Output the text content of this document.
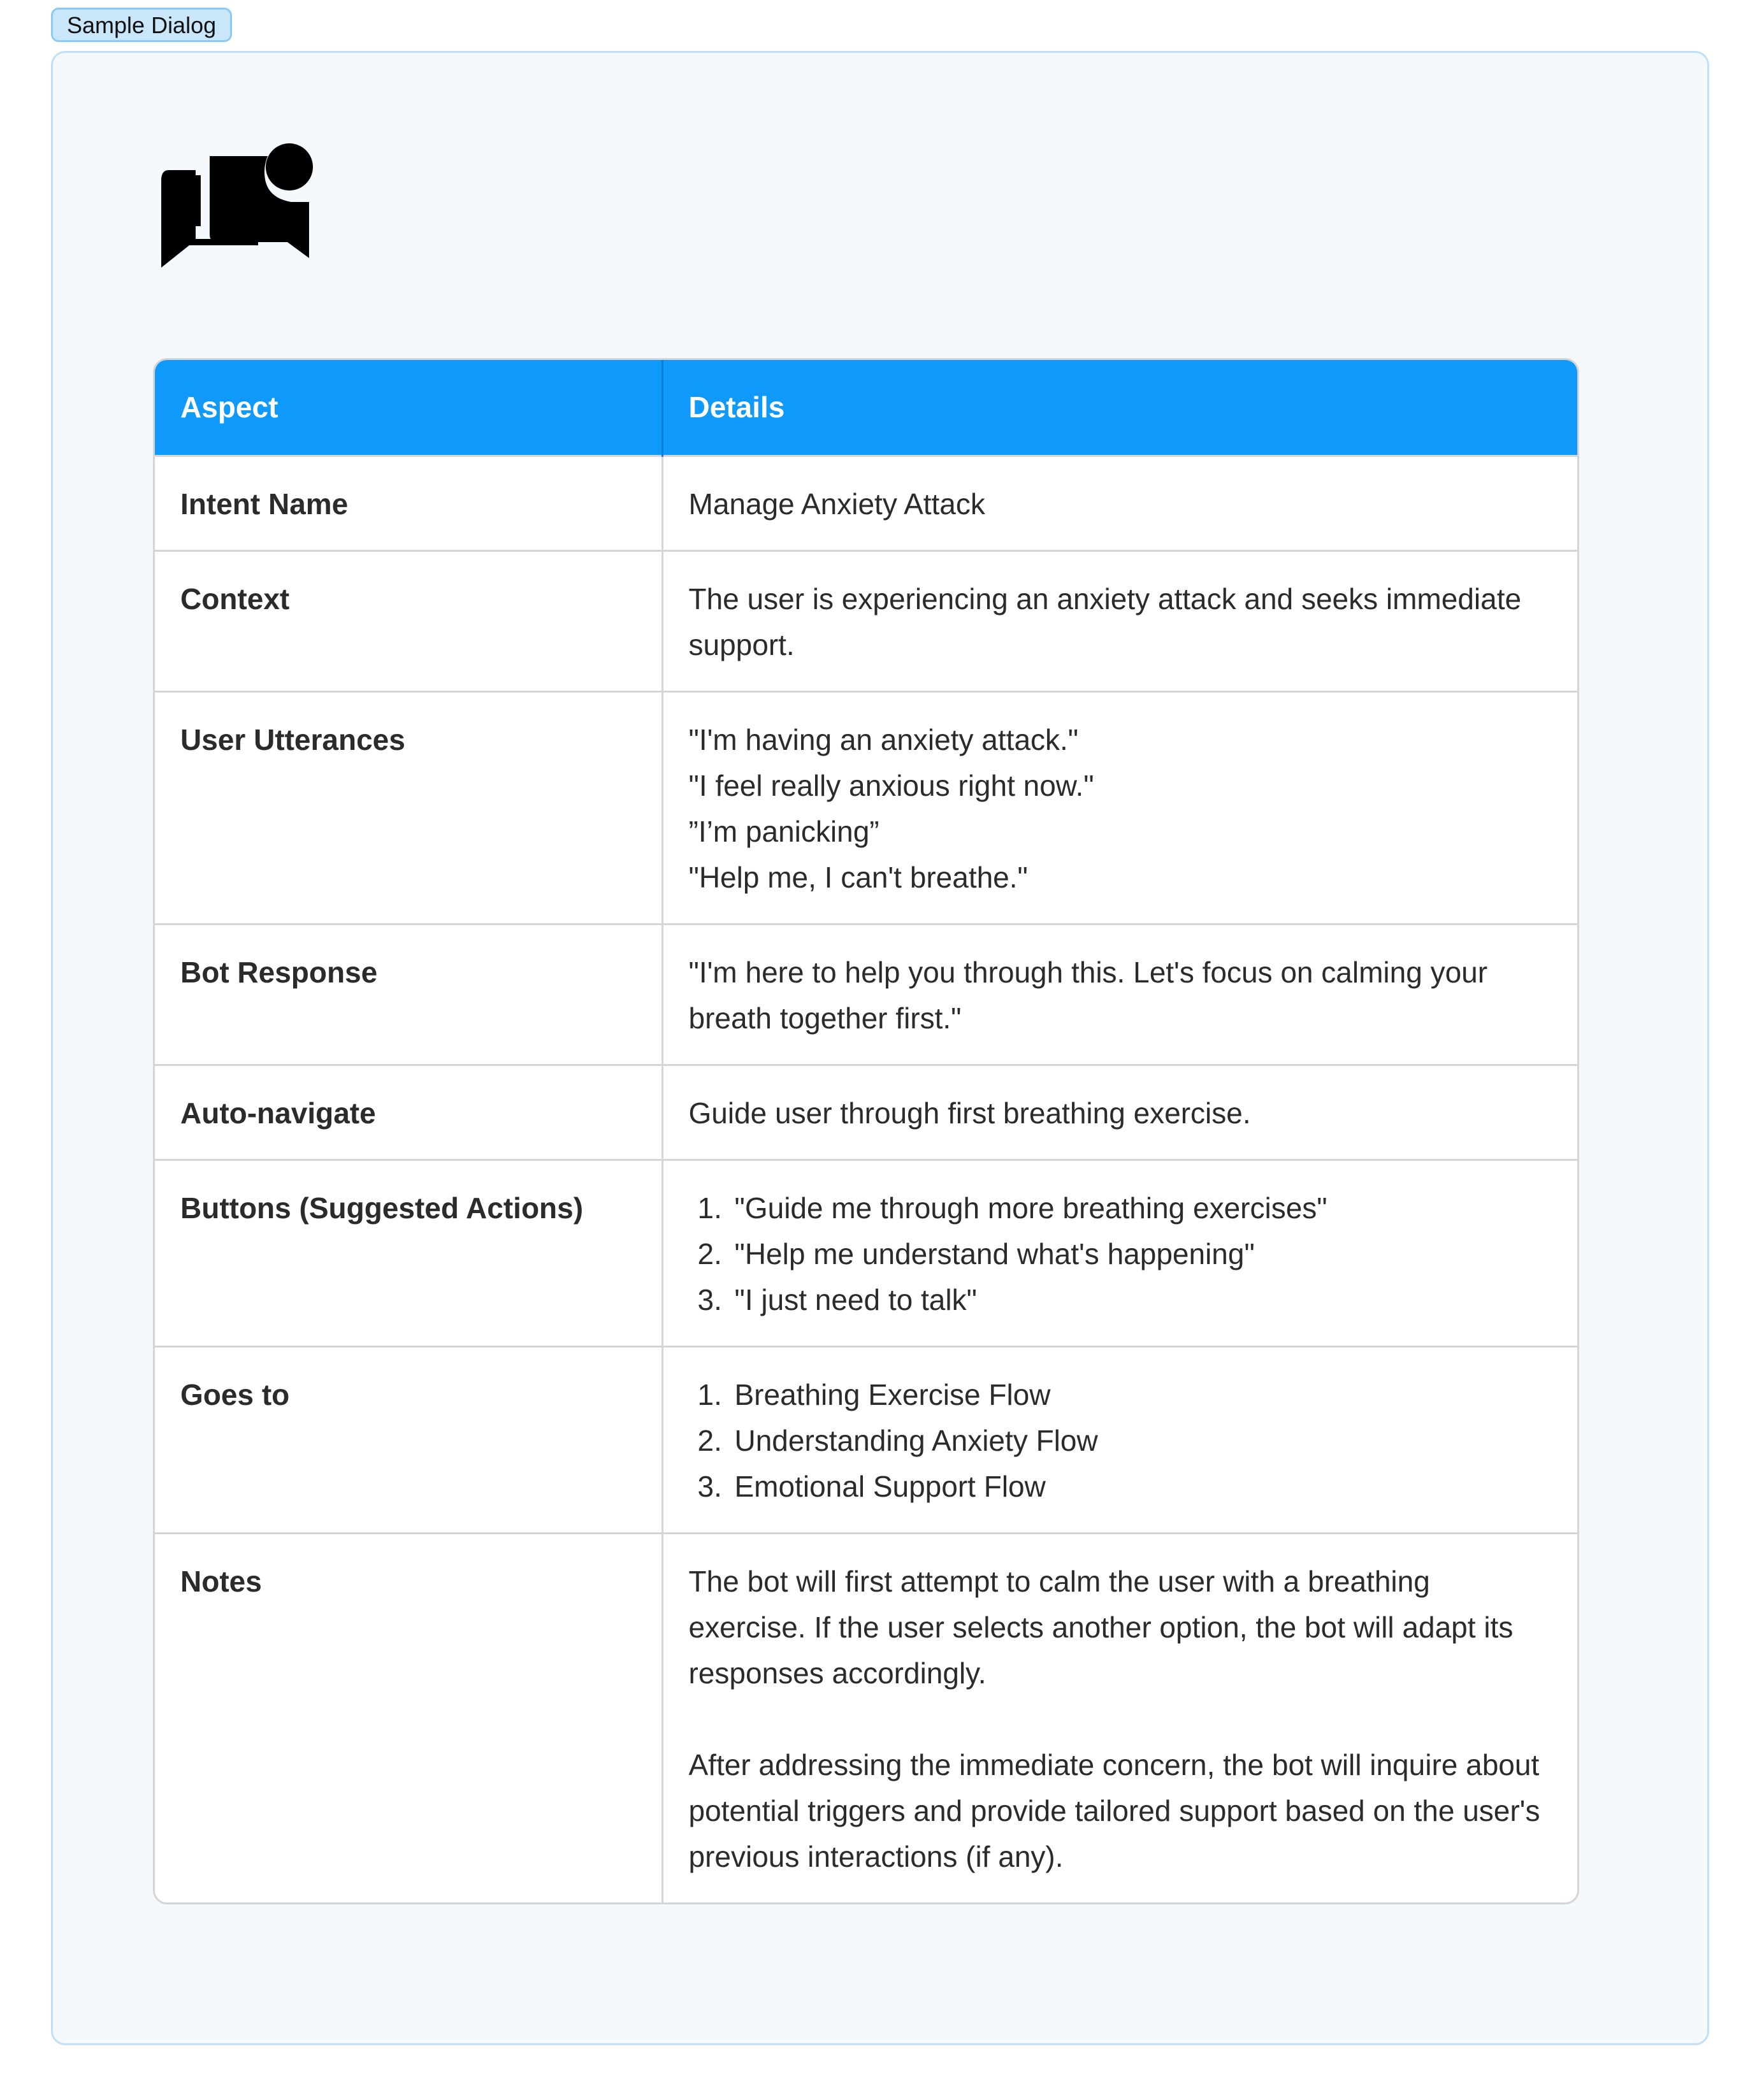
Sample Dialog
Aspect	Details
Intent Name	Manage Anxiety Attack
Context	The user is experiencing an anxiety attack and seeks immediate support.
User Utterances	"I'm having an anxiety attack."
"I feel really anxious right now."
”I’m panicking”
"Help me, I can't breathe."

Bot Response	"I'm here to help you through this. Let's focus on calming your breath together first."
Auto-navigate	Guide user through first breathing exercise.
Buttons (Suggested Actions)	1. "Guide me through more breathing exercises"
2. "Help me understand what's happening"
3. "I just need to talk"

Goes to	1. Breathing Exercise Flow
2. Understanding Anxiety Flow
3. Emotional Support Flow

Notes	The bot will first attempt to calm the user with a breathing exercise. If the user selects another option, the bot will adapt its responses accordingly.
After addressing the immediate concern, the bot will inquire about potential triggers and provide tailored support based on the user's previous interactions (if any).
